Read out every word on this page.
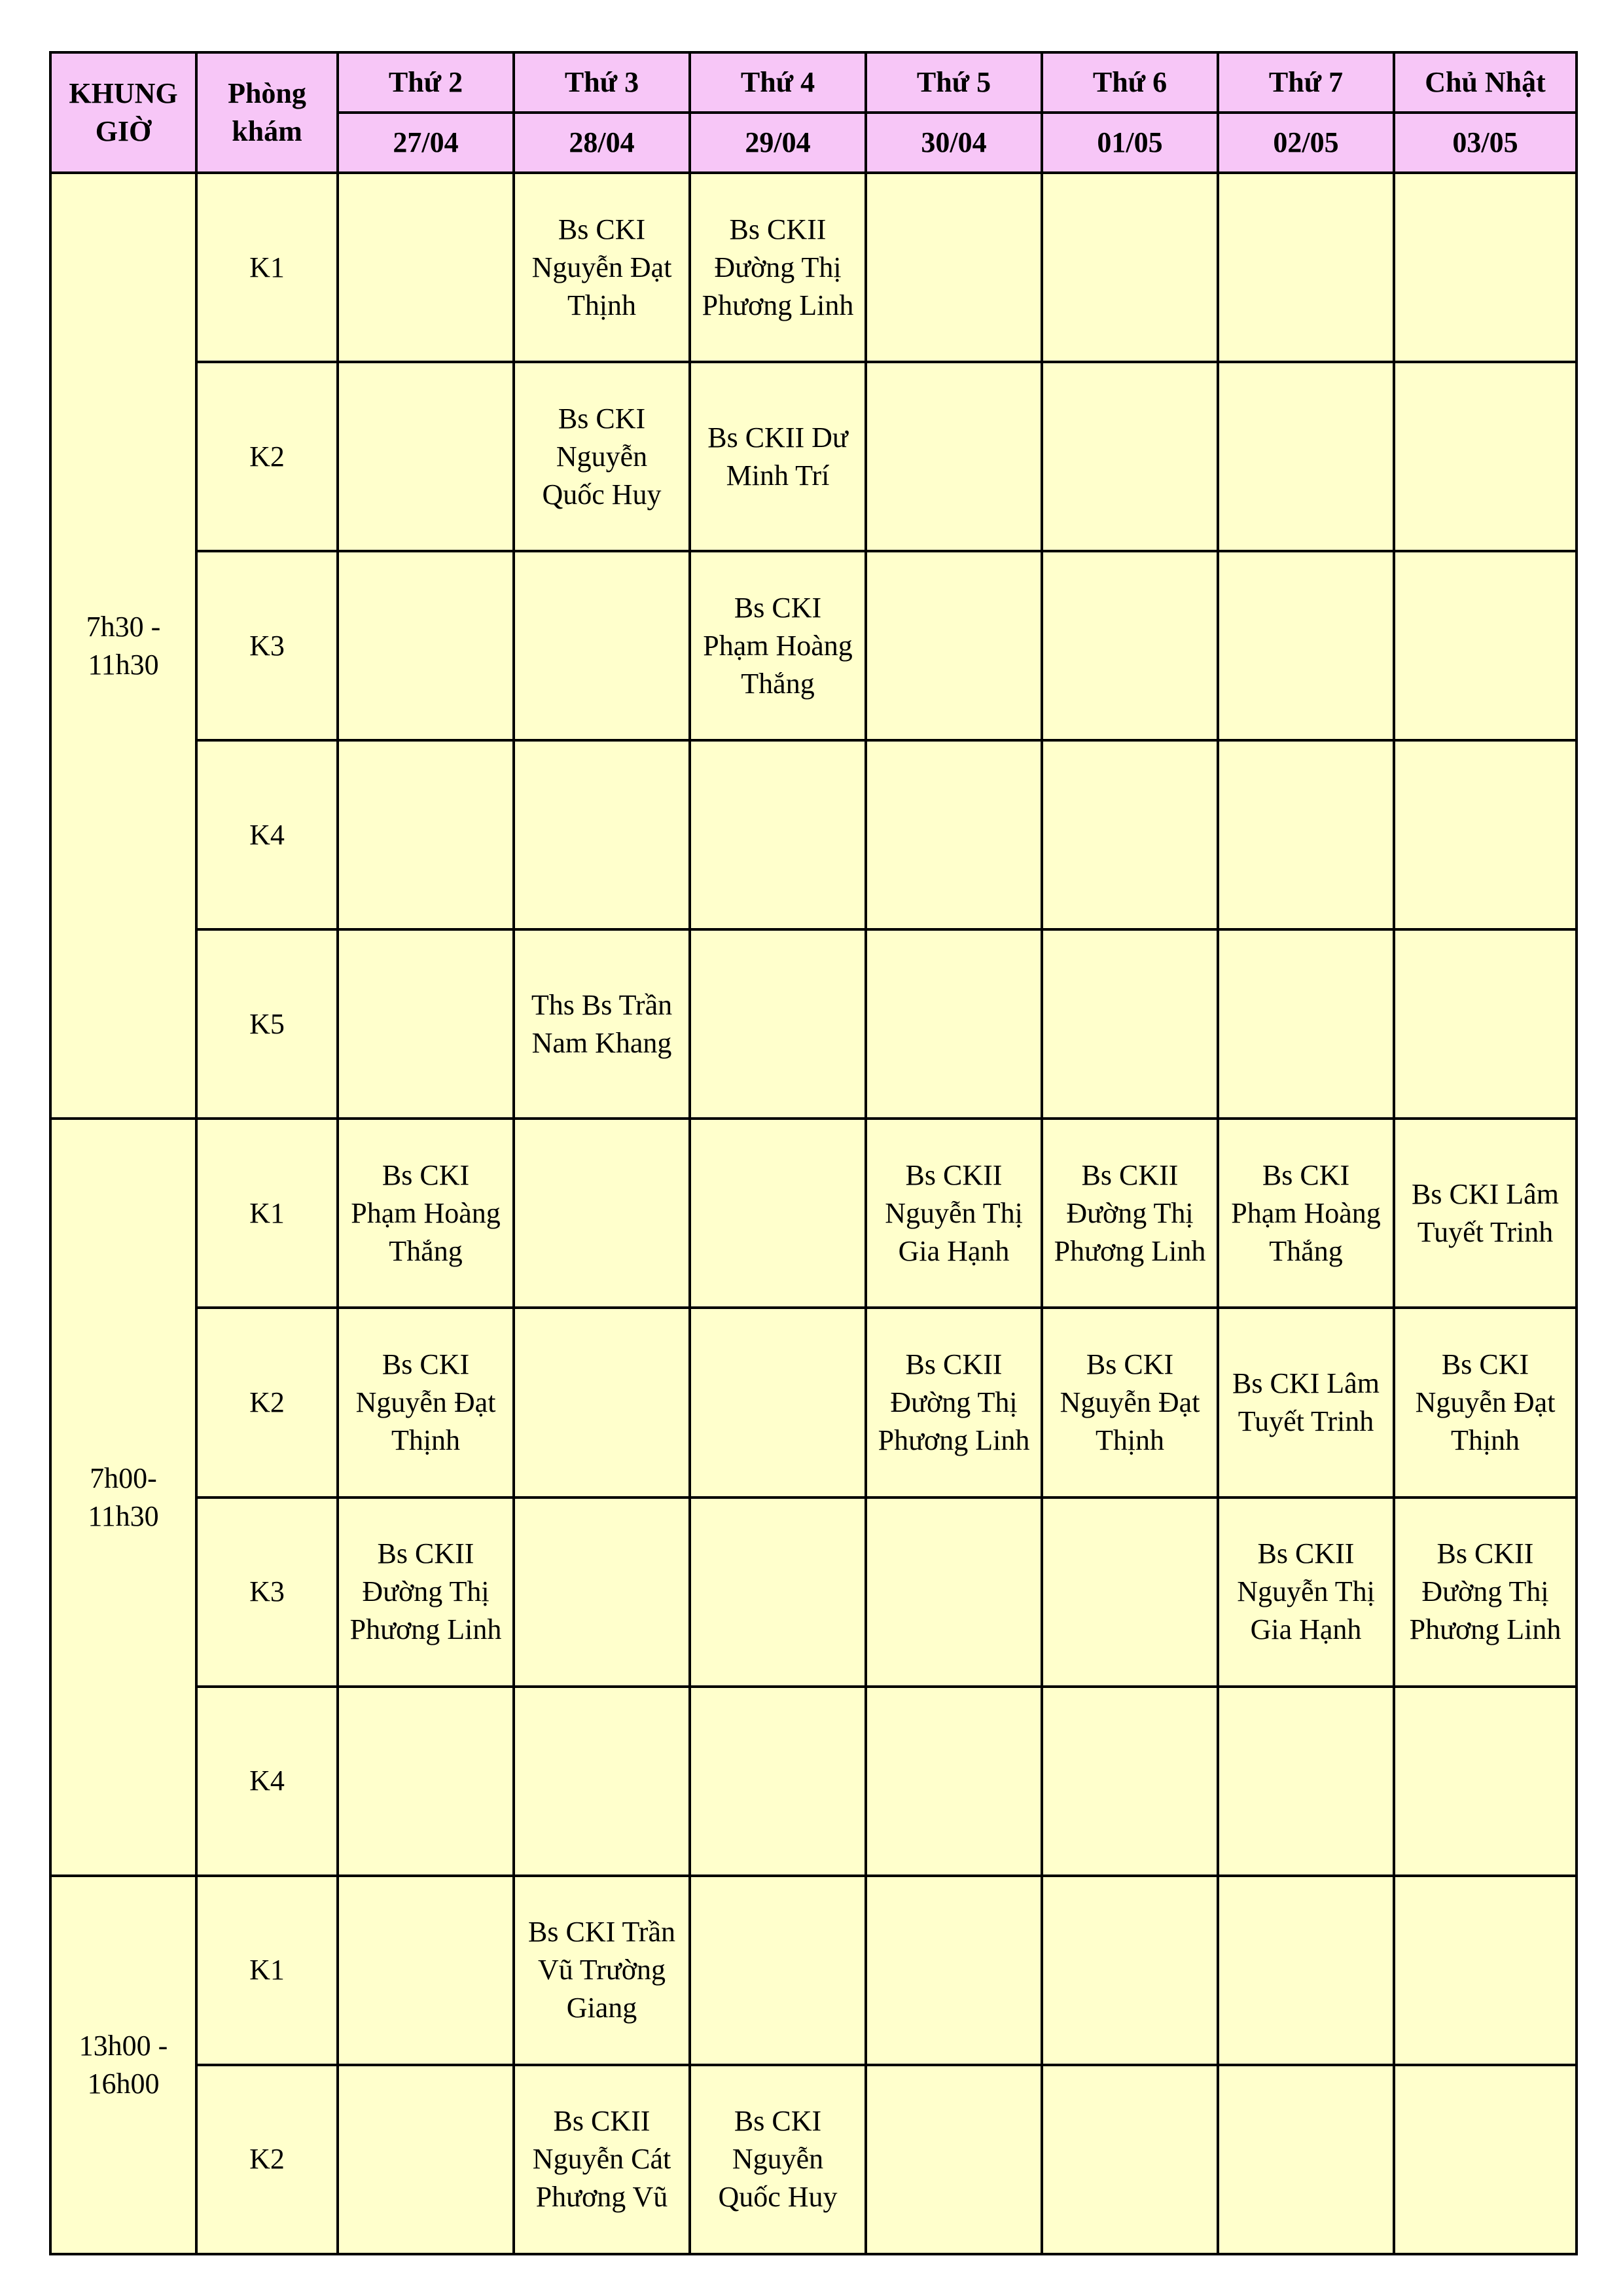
KHUNG
GIỜ	Phòng
khám	Thứ 2	Thứ 3	Thứ 4	Thứ 5	Thứ 6	Thứ 7	Chủ Nhật
		27/04	28/04	29/04	30/04	01/05	02/05	03/05

7h30 -
11h30	K1		Bs CKI
Nguyễn Đạt
Thịnh	Bs CKII
Đường Thị
Phương Linh				

	K2		Bs CKI
Nguyễn
Quốc Huy	Bs CKII Dư
Minh Trí				

	K3			Bs CKI
Phạm Hoàng
Thắng				

	K4	

	K5		Ths Bs Trần
Nam Khang					

7h00-
11h30	K1	Bs CKI
Phạm Hoàng
Thắng			Bs CKII
Nguyễn Thị
Gia Hạnh	Bs CKII
Đường Thị
Phương Linh	Bs CKI
Phạm Hoàng
Thắng	Bs CKI Lâm
Tuyết Trinh

	K2	Bs CKI
Nguyễn Đạt
Thịnh			Bs CKII
Đường Thị
Phương Linh	Bs CKI
Nguyễn Đạt
Thịnh	Bs CKI Lâm
Tuyết Trinh	Bs CKI
Nguyễn Đạt
Thịnh

	K3	Bs CKII
Đường Thị
Phương Linh					Bs CKII
Nguyễn Thị
Gia Hạnh	Bs CKII
Đường Thị
Phương Linh

	K4	

13h00 -
16h00	K1		Bs CKI Trần
Vũ Trường
Giang					

	K2		Bs CKII
Nguyễn Cát
Phương Vũ	Bs CKI
Nguyễn
Quốc Huy				
